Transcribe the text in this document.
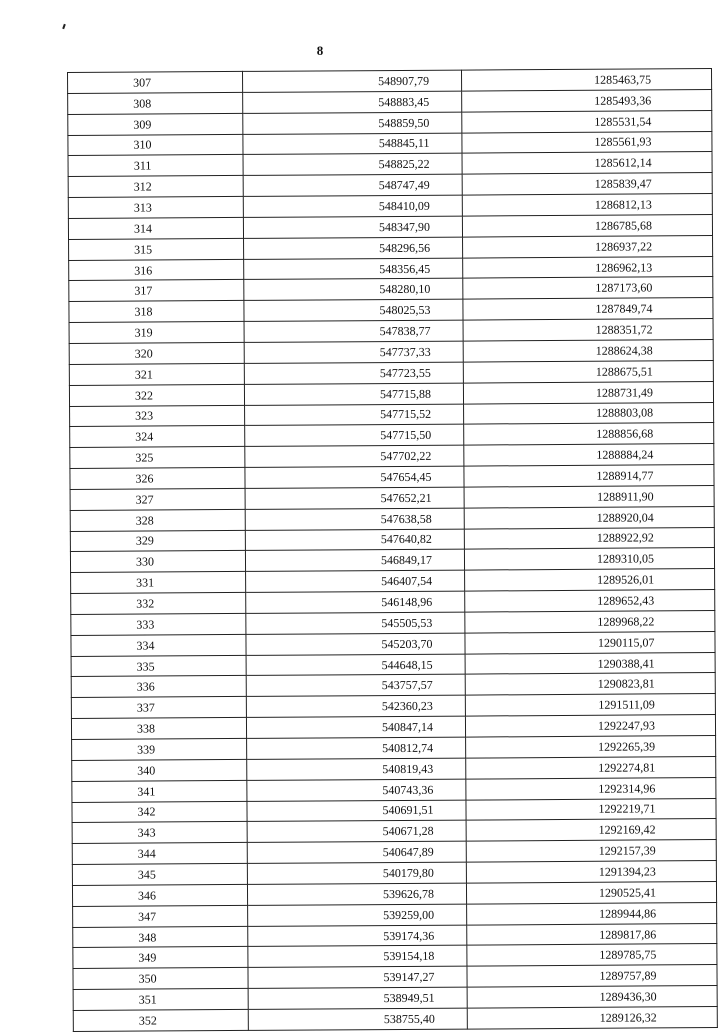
8
307	548907,79	1285463,75
308	548883,45	1285493,36
309	548859,50	1285531,54
310	548845,11	1285561,93
311	548825,22	1285612,14
312	548747,49	1285839,47
313	548410,09	1286812,13
314	548347,90	1286785,68
315	548296,56	1286937,22
316	548356,45	1286962,13
317	548280,10	1287173,60
318	548025,53	1287849,74
319	547838,77	1288351,72
320	547737,33	1288624,38
321	547723,55	1288675,51
322	547715,88	1288731,49
323	547715,52	1288803,08
324	547715,50	1288856,68
325	547702,22	1288884,24
326	547654,45	1288914,77
327	547652,21	1288911,90
328	547638,58	1288920,04
329	547640,82	1288922,92
330	546849,17	1289310,05
331	546407,54	1289526,01
332	546148,96	1289652,43
333	545505,53	1289968,22
334	545203,70	1290115,07
335	544648,15	1290388,41
336	543757,57	1290823,81
337	542360,23	1291511,09
338	540847,14	1292247,93
339	540812,74	1292265,39
340	540819,43	1292274,81
341	540743,36	1292314,96
342	540691,51	1292219,71
343	540671,28	1292169,42
344	540647,89	1292157,39
345	540179,80	1291394,23
346	539626,78	1290525,41
347	539259,00	1289944,86
348	539174,36	1289817,86
349	539154,18	1289785,75
350	539147,27	1289757,89
351	538949,51	1289436,30
352	538755,40	1289126,32
